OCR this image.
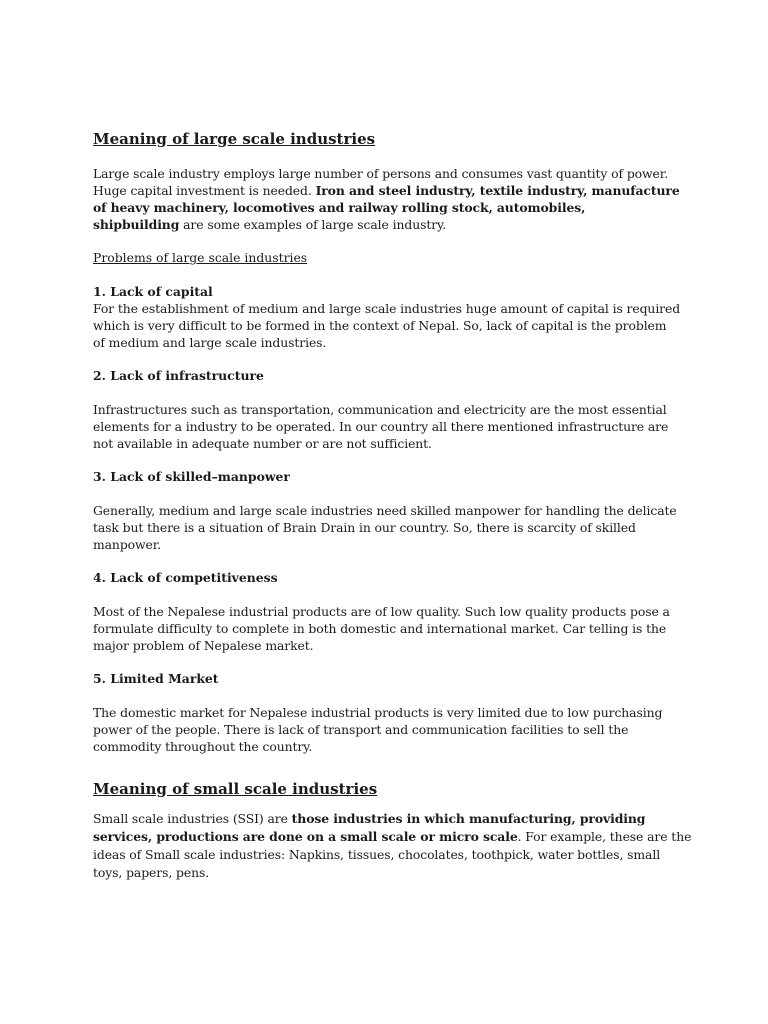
Meaning of large scale industries

Large scale industry employs large number of persons and consumes vast quantity of power.
Huge capital investment is needed. Iron and steel industry, textile industry, manufacture
of heavy machinery, locomotives and railway rolling stock, automobiles,
shipbuilding are some examples of large scale industry.

Problems of large scale industries
1. Lack of capital

For the establishment of medium and large scale industries huge amount of capital is required
which is very difficult to be formed in the context of Nepal. So, lack of capital is the problem
of medium and large scale industries.

2. Lack of infrastructure

Infrastructures such as transportation, communication and electricity are the most essential
elements for a industry to be operated. In our country all there mentioned infrastructure are
not available in adequate number or are not sufficient.

3. Lack of skilled–manpower

Generally, medium and large scale industries need skilled manpower for handling the delicate
task but there is a situation of Brain Drain in our country. So, there is scarcity of skilled
manpower.

4. Lack of competitiveness

Most of the Nepalese industrial products are of low quality. Such low quality products pose a
formulate difficulty to complete in both domestic and international market. Car telling is the
major problem of Nepalese market.

5. Limited Market

The domestic market for Nepalese industrial products is very limited due to low purchasing
power of the people. There is lack of transport and communication facilities to sell the
commodity throughout the country.

Meaning of small scale industries

Small scale industries (SSI) are those industries in which manufacturing, providing
services, productions are done on a small scale or micro scale. For example, these are the
ideas of Small scale industries: Napkins, tissues, chocolates, toothpick, water bottles, small
toys, papers, pens.
